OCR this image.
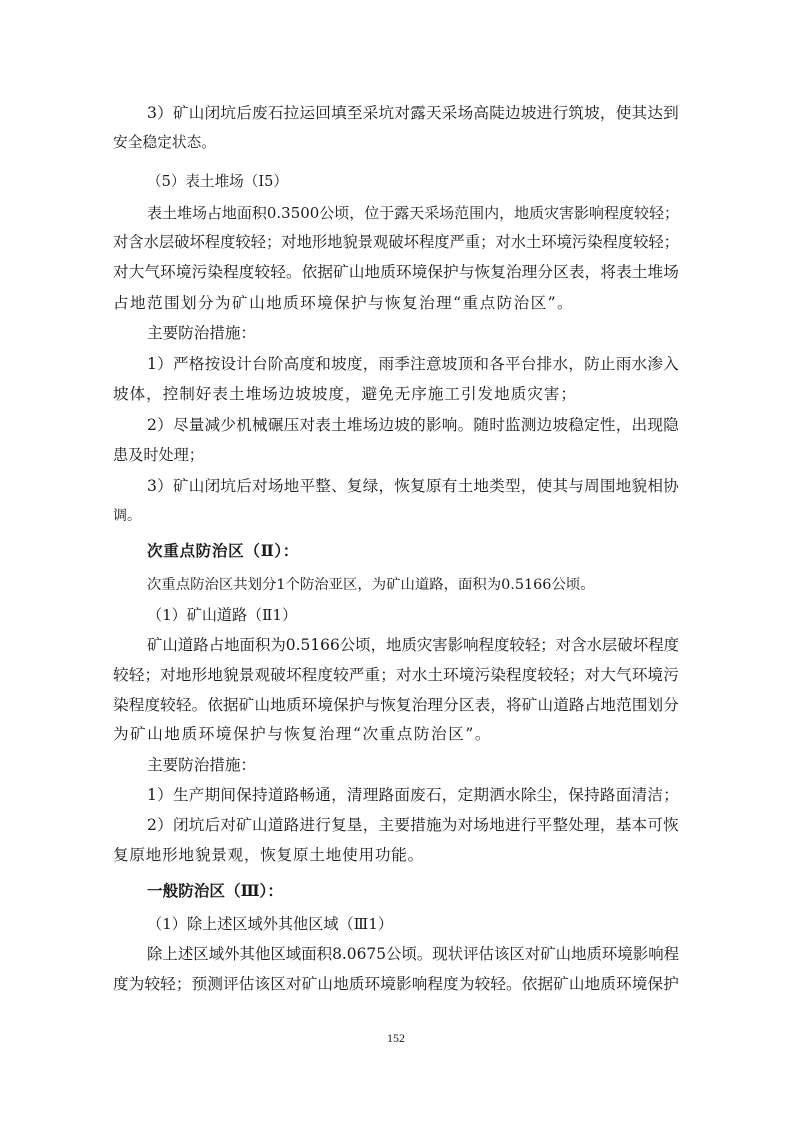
3）矿山闭坑后废石拉运回填至采坑对露天采场高陡边坡进行筑坡，使其达到
安全稳定状态。
（5）表土堆场（I5）
表土堆场占地面积0.3500公顷，位于露天采场范围内，地质灾害影响程度较轻；
对含水层破坏程度较轻；对地形地貌景观破坏程度严重；对水土环境污染程度较轻；
对大气环境污染程度较轻。依据矿山地质环境保护与恢复治理分区表，将表土堆场
占地范围划分为矿山地质环境保护与恢复治理“重点防治区”。
主要防治措施：
1）严格按设计台阶高度和坡度，雨季注意坡顶和各平台排水，防止雨水渗入
坡体，控制好表土堆场边坡坡度，避免无序施工引发地质灾害；
2）尽量减少机械碾压对表土堆场边坡的影响。随时监测边坡稳定性，出现隐
患及时处理；
3）矿山闭坑后对场地平整、复绿，恢复原有土地类型，使其与周围地貌相协
调。
次重点防治区（Ⅱ）：
次重点防治区共划分1个防治亚区，为矿山道路，面积为0.5166公顷。
（1）矿山道路（Ⅱ1）
矿山道路占地面积为0.5166公顷，地质灾害影响程度较轻；对含水层破坏程度
较轻；对地形地貌景观破坏程度较严重；对水土环境污染程度较轻；对大气环境污
染程度较轻。依据矿山地质环境保护与恢复治理分区表，将矿山道路占地范围划分
为矿山地质环境保护与恢复治理“次重点防治区”。
主要防治措施：
1）生产期间保持道路畅通，清理路面废石，定期洒水除尘，保持路面清洁；
2）闭坑后对矿山道路进行复垦，主要措施为对场地进行平整处理，基本可恢
复原地形地貌景观，恢复原土地使用功能。
一般防治区（Ⅲ）：
（1）除上述区域外其他区域（Ⅲ1）
除上述区域外其他区域面积8.0675公顷。现状评估该区对矿山地质环境影响程
度为较轻；预测评估该区对矿山地质环境影响程度为较轻。依据矿山地质环境保护
152
